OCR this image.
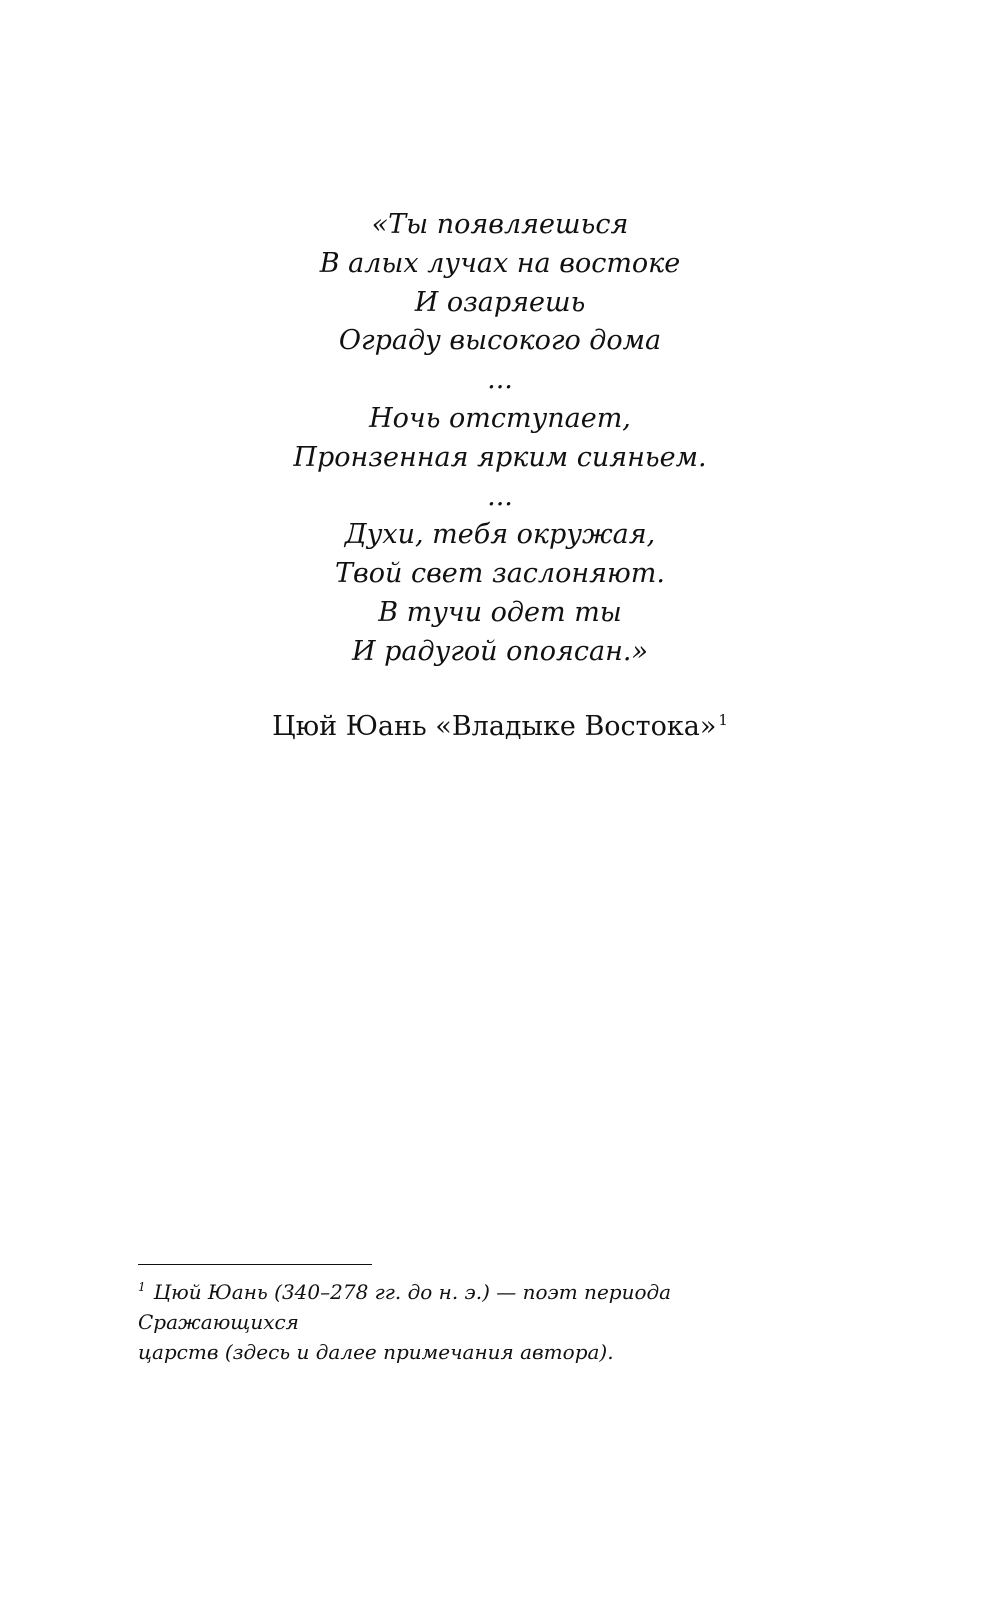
«Ты появляешься
В алых лучах на востоке
И озаряешь
Ограду высокого дома
...
Ночь отступает,
Пронзенная ярким сияньем.
...
Духи, тебя окружая,
Твой свет заслоняют.
В тучи одет ты
И радугой опоясан.»
Цюй Юань «Владыке Востока» $^1$

$^1$ Цюй Юань (340–278 гг. до н. э.) — поэт периода Сражающихся
царств (здесь и далее примечания автора).
